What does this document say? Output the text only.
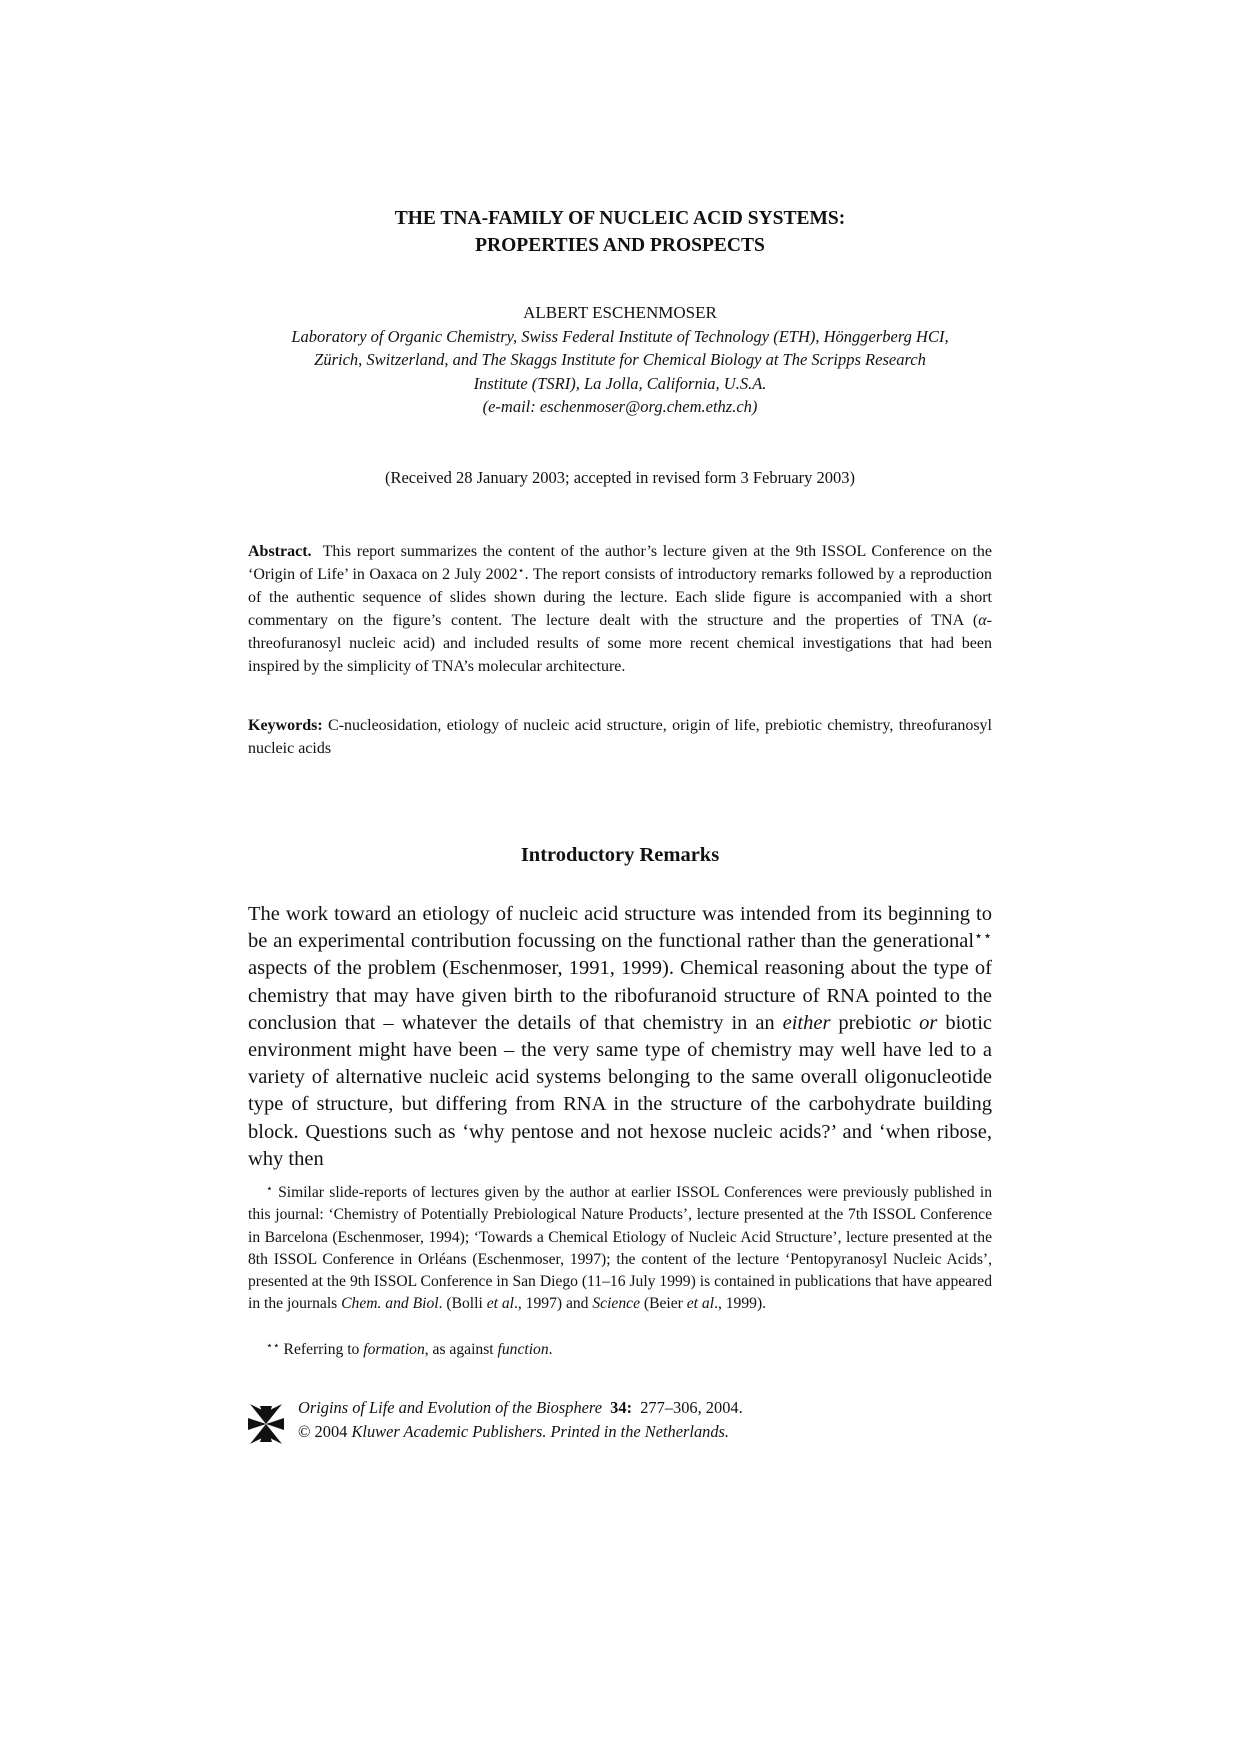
THE TNA-FAMILY OF NUCLEIC ACID SYSTEMS:
PROPERTIES AND PROSPECTS
ALBERT ESCHENMOSER
Laboratory of Organic Chemistry, Swiss Federal Institute of Technology (ETH), Hönggerberg HCI,
Zürich, Switzerland, and The Skaggs Institute for Chemical Biology at The Scripps Research
Institute (TSRI), La Jolla, California, U.S.A.
(e-mail: eschenmoser@org.chem.ethz.ch)
(Received 28 January 2003; accepted in revised form 3 February 2003)

Abstract. This report summarizes the content of the author’s lecture given at the 9th ISSOL Conference on the ‘Origin of Life’ in Oaxaca on 2 July 2002⋆. The report consists of introductory remarks followed by a reproduction of the authentic sequence of slides shown during the lecture. Each slide figure is accompanied with a short commentary on the figure’s content. The lecture dealt with the structure and the properties of TNA (α-threofuranosyl nucleic acid) and included results of some more recent chemical investigations that had been inspired by the simplicity of TNA’s molecular architecture.

Keywords: C-nucleosidation, etiology of nucleic acid structure, origin of life, prebiotic chemistry, threofuranosyl nucleic acids

Introductory Remarks

The work toward an etiology of nucleic acid structure was intended from its beginning to be an experimental contribution focussing on the functional rather than the generational⋆⋆ aspects of the problem (Eschenmoser, 1991, 1999). Chemical reasoning about the type of chemistry that may have given birth to the ribofuranoid structure of RNA pointed to the conclusion that – whatever the details of that chemistry in an either prebiotic or biotic environment might have been – the very same type of chemistry may well have led to a variety of alternative nucleic acid systems belonging to the same overall oligonucleotide type of structure, but differing from RNA in the structure of the carbohydrate building block. Questions such as ‘why pentose and not hexose nucleic acids?’ and ‘when ribose, why then

⋆ Similar slide-reports of lectures given by the author at earlier ISSOL Conferences were previously published in this journal: ‘Chemistry of Potentially Prebiological Nature Products’, lecture presented at the 7th ISSOL Conference in Barcelona (Eschenmoser, 1994); ‘Towards a Chemical Etiology of Nucleic Acid Structure’, lecture presented at the 8th ISSOL Conference in Orléans (Eschenmoser, 1997); the content of the lecture ‘Pentopyranosyl Nucleic Acids’, presented at the 9th ISSOL Conference in San Diego (11–16 July 1999) is contained in publications that have appeared in the journals Chem. and Biol. (Bolli et al., 1997) and Science (Beier et al., 1999).

⋆⋆ Referring to formation, as against function.

Origins of Life and Evolution of the Biosphere 34: 277–306, 2004.
© 2004 Kluwer Academic Publishers. Printed in the Netherlands.
